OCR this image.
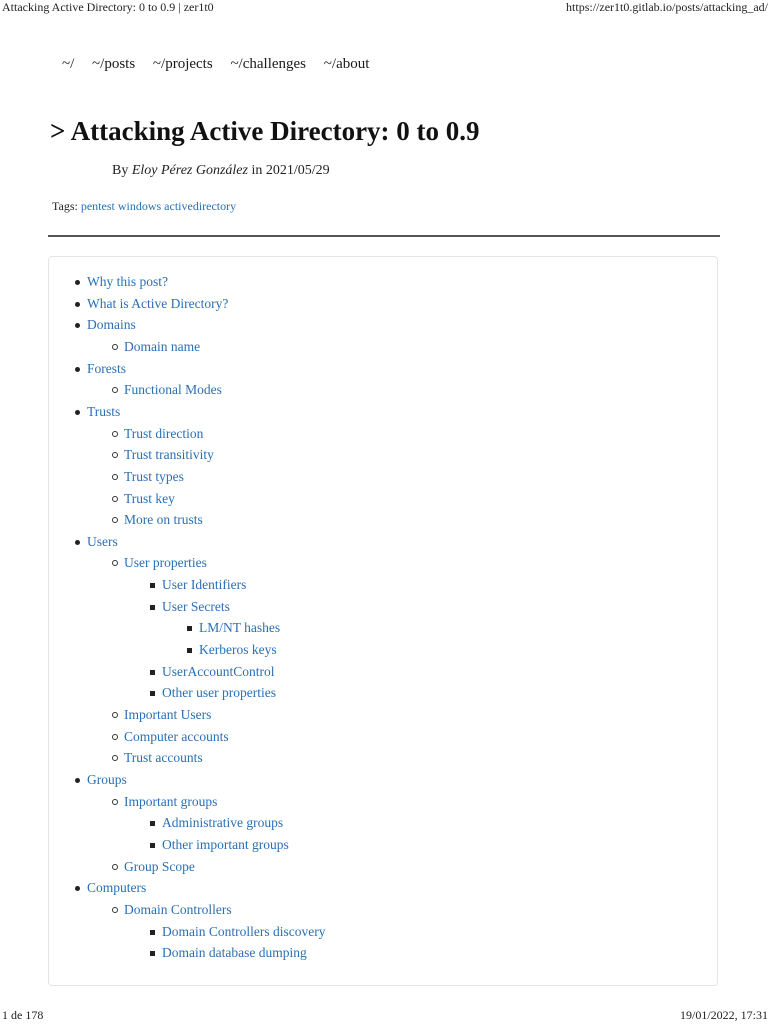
Attacking Active Directory: 0 to 0.9 | zer1t0	https://zer1t0.gitlab.io/posts/attacking_ad/
~/ ~/posts ~/projects ~/challenges ~/about
> Attacking Active Directory: 0 to 0.9
By Eloy Pérez González in 2021/05/29
Tags: pentest windows activedirectory
Why this post?
What is Active Directory?
Domains
Domain name
Forests
Functional Modes
Trusts
Trust direction
Trust transitivity
Trust types
Trust key
More on trusts
Users
User properties
User Identifiers
User Secrets
LM/NT hashes
Kerberos keys
UserAccountControl
Other user properties
Important Users
Computer accounts
Trust accounts
Groups
Important groups
Administrative groups
Other important groups
Group Scope
Computers
Domain Controllers
Domain Controllers discovery
Domain database dumping
1 de 178	19/01/2022, 17:31
